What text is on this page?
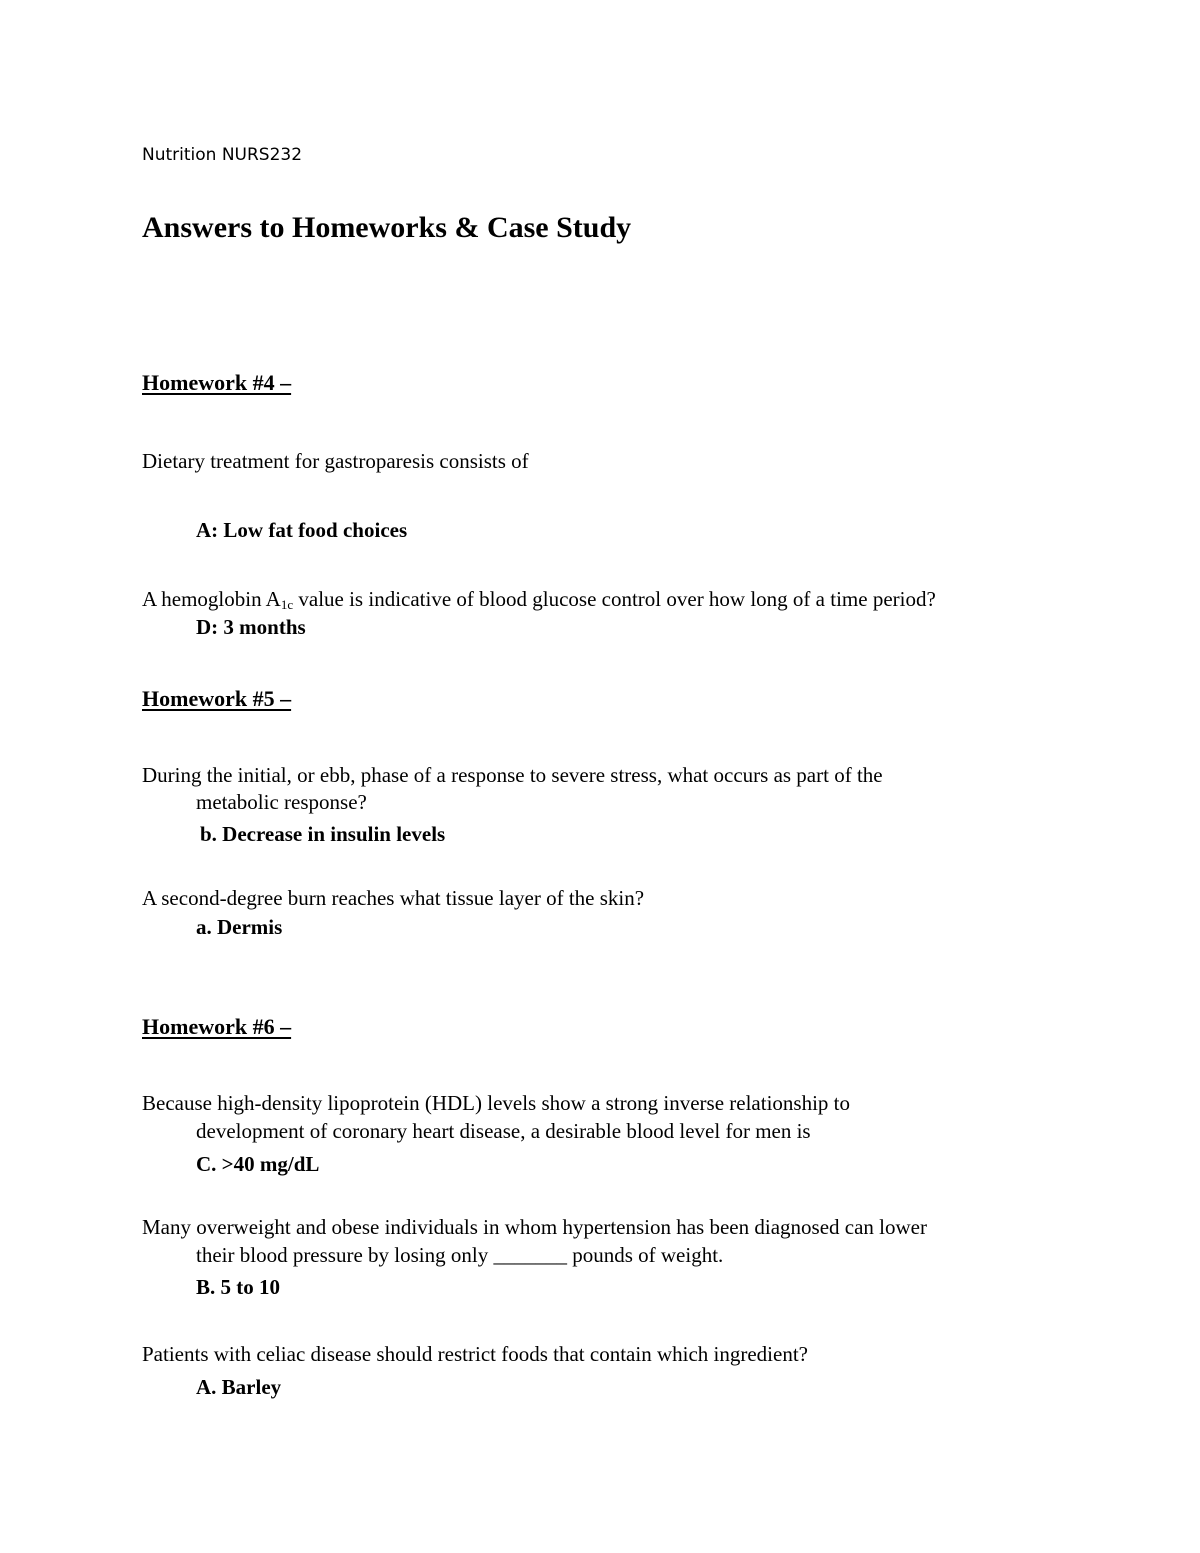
Nutrition NURS232
Answers to Homeworks & Case Study
Homework #4 –
Dietary treatment for gastroparesis consists of
A: Low fat food choices
A hemoglobin $A_{1c}$ value is indicative of blood glucose control over how long of a time period?
D: 3 months
Homework #5 –
During the initial, or ebb, phase of a response to severe stress, what occurs as part of the
metabolic response?
b. Decrease in insulin levels
A second-degree burn reaches what tissue layer of the skin?
a. Dermis
Homework #6 –
Because high-density lipoprotein (HDL) levels show a strong inverse relationship to
development of coronary heart disease, a desirable blood level for men is
C. >40 mg/dL
Many overweight and obese individuals in whom hypertension has been diagnosed can lower
their blood pressure by losing only _______ pounds of weight.
B. 5 to 10
Patients with celiac disease should restrict foods that contain which ingredient?
A. Barley
